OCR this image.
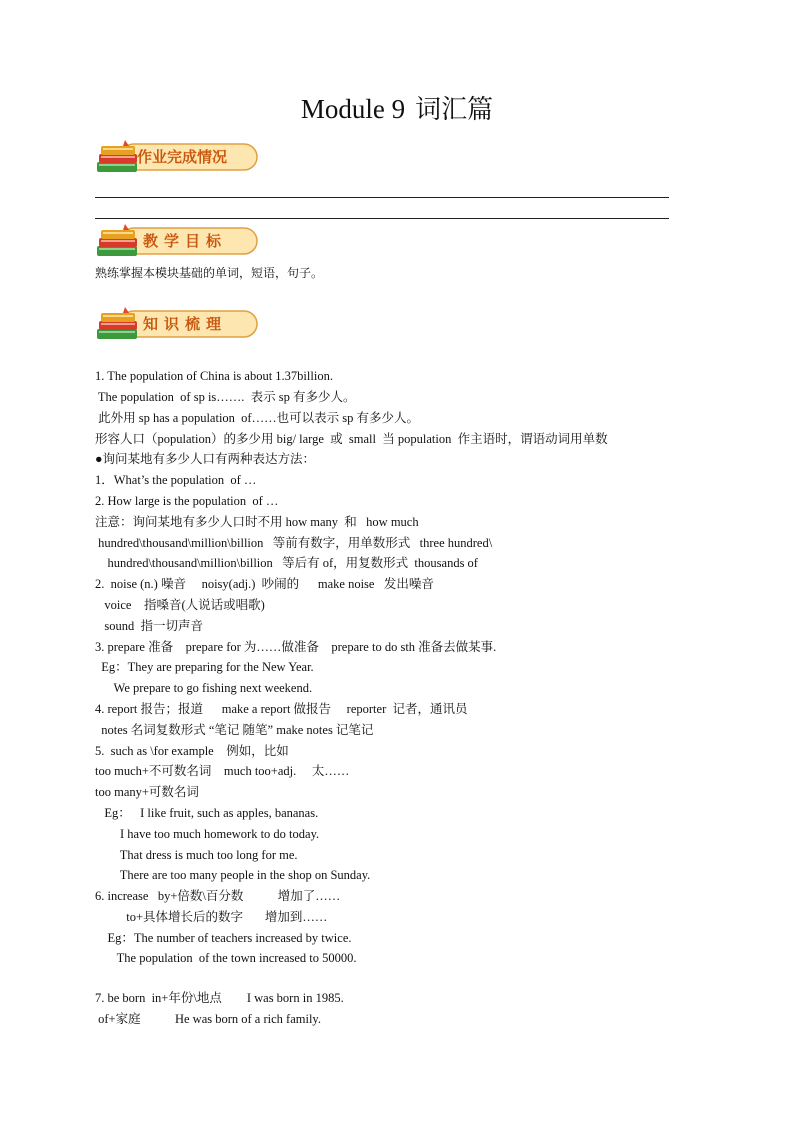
Module 9 词汇篇
作业完成情况
教学目标
熟练掌握本模块基础的单词，短语，句子。
知识梳理
1. The population of China is about 1.37billion.
The population  of sp is…….  表示 sp 有多少人。
此外用 sp has a population  of……也可以表示 sp 有多少人。
形容人口（population）的多少用 big/ large  或  small  当 population  作主语时，谓语动词用单数
●询问某地有多少人口有两种表达方法：
1．What’s the population  of …
2. How large is the population  of …
注意：询问某地有多少人口时不用 how many  和   how much
hundred\thousand\million\billion   等前有数字，用单数形式   three hundred\
hundred\thousand\million\billion   等后有 of，用复数形式  thousands of
2.  noise (n.) 噪音     noisy(adj.)  吵闹的      make noise   发出噪音
voice    指嗓音(人说话或唱歌)
sound  指一切声音
3. prepare 准备    prepare for 为……做准备    prepare to do sth 准备去做某事.
Eg：They are preparing for the New Year.
We prepare to go fishing next weekend.
4. report 报告；报道      make a report 做报告     reporter  记者，通讯员
notes 名词复数形式 “笔记 随笔” make notes 记笔记
5.  such as \for example    例如，比如
too much+不可数名词    much too+adj.     太……
too many+可数名词
Eg：   I like fruit, such as apples, bananas.
I have too much homework to do today.
That dress is much too long for me.
There are too many people in the shop on Sunday.
6. increase   by+倍数\百分数           增加了……
to+具体增长后的数字       增加到……
Eg：The number of teachers increased by twice.
The population  of the town increased to 50000.
7. be born  in+年份\地点        I was born in 1985.
of+家庭           He was born of a rich family.
